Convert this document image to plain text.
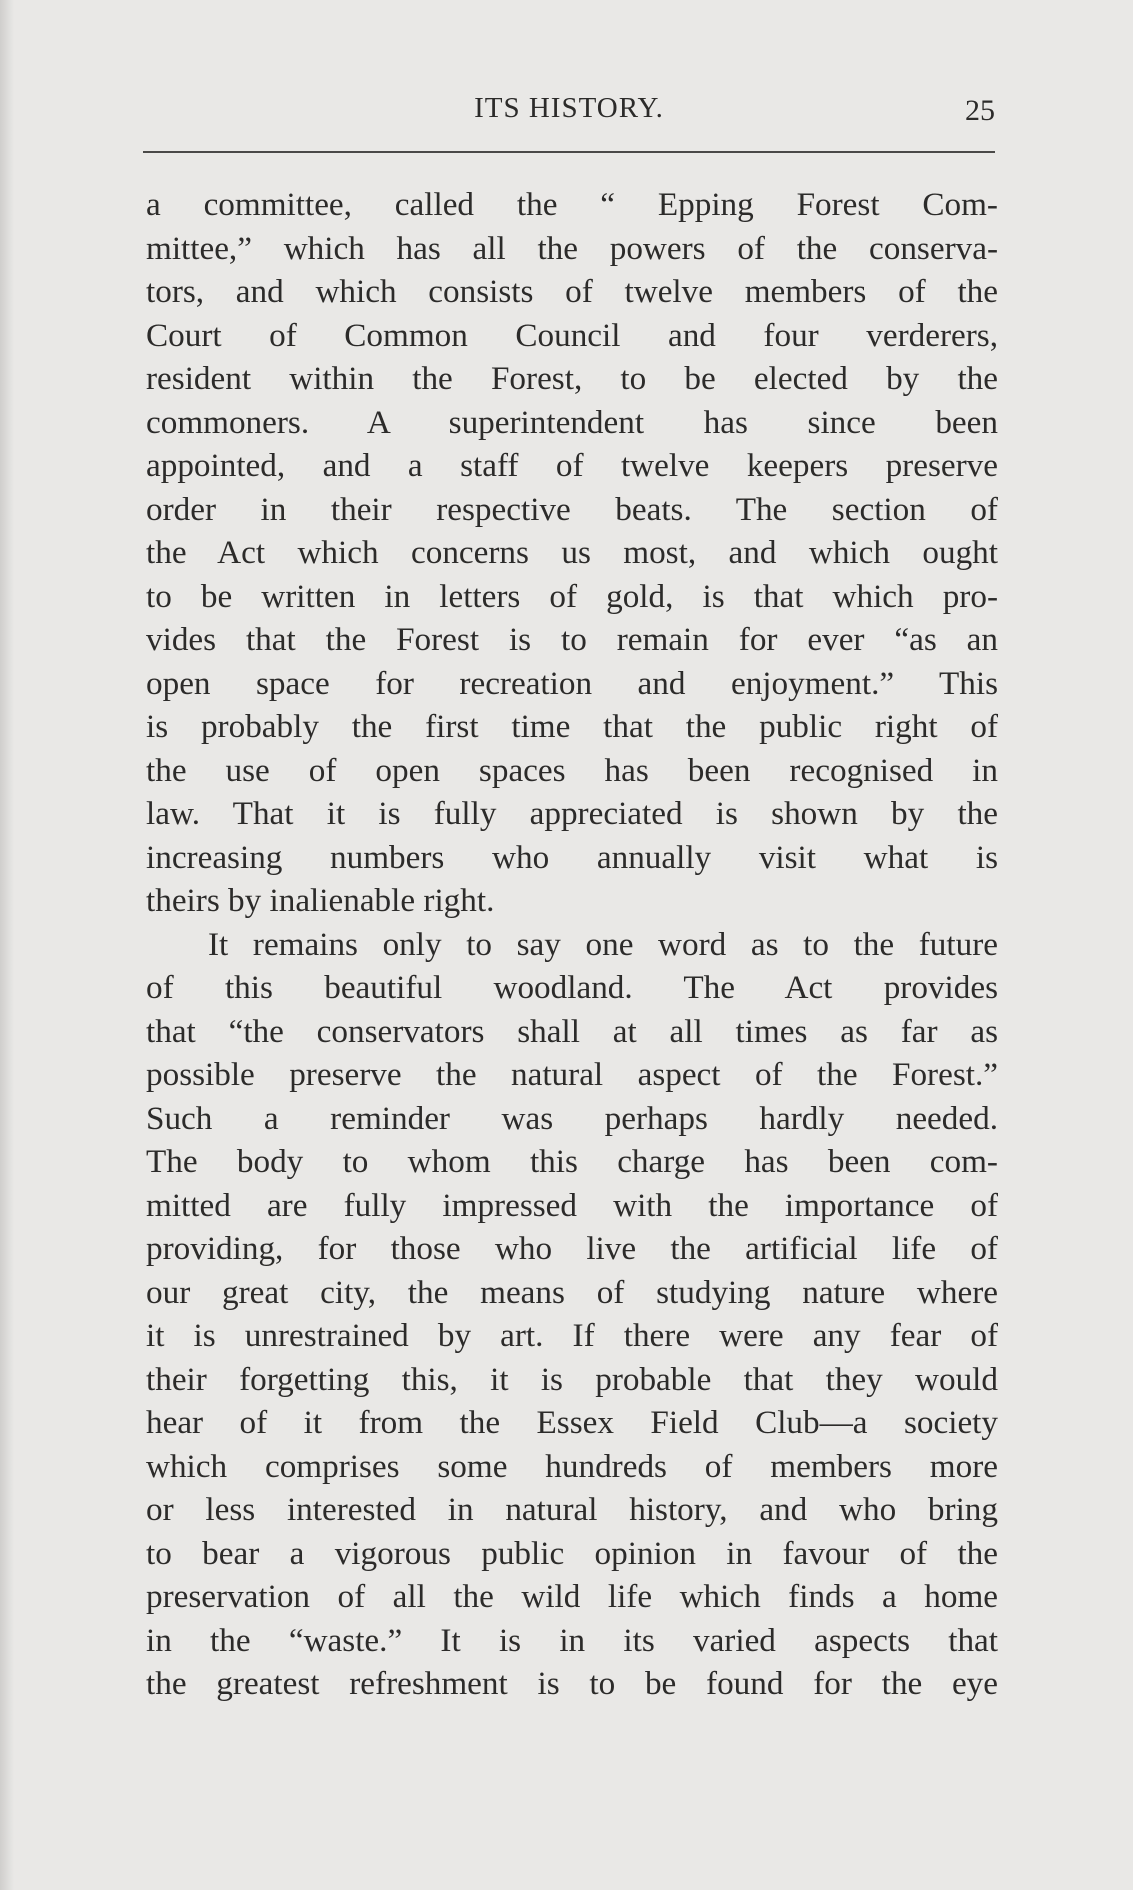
ITS HISTORY.	25
a committee, called the “ Epping Forest Com-
mittee,” which has all the powers of the conserva-
tors, and which consists of twelve members of the
Court of Common Council and four verderers,
resident within the Forest, to be elected by the
commoners. A superintendent has since been
appointed, and a staff of twelve keepers preserve
order in their respective beats. The section of
the Act which concerns us most, and which ought
to be written in letters of gold, is that which pro-
vides that the Forest is to remain for ever “as an
open space for recreation and enjoyment.” This
is probably the first time that the public right of
the use of open spaces has been recognised in
law. That it is fully appreciated is shown by the
increasing numbers who annually visit what is
theirs by inalienable right.
It remains only to say one word as to the future
of this beautiful woodland. The Act provides
that “the conservators shall at all times as far as
possible preserve the natural aspect of the Forest.”
Such a reminder was perhaps hardly needed.
The body to whom this charge has been com-
mitted are fully impressed with the importance of
providing, for those who live the artificial life of
our great city, the means of studying nature where
it is unrestrained by art. If there were any fear of
their forgetting this, it is probable that they would
hear of it from the Essex Field Club—a society
which comprises some hundreds of members more
or less interested in natural history, and who bring
to bear a vigorous public opinion in favour of the
preservation of all the wild life which finds a home
in the “waste.” It is in its varied aspects that
the greatest refreshment is to be found for the eye
